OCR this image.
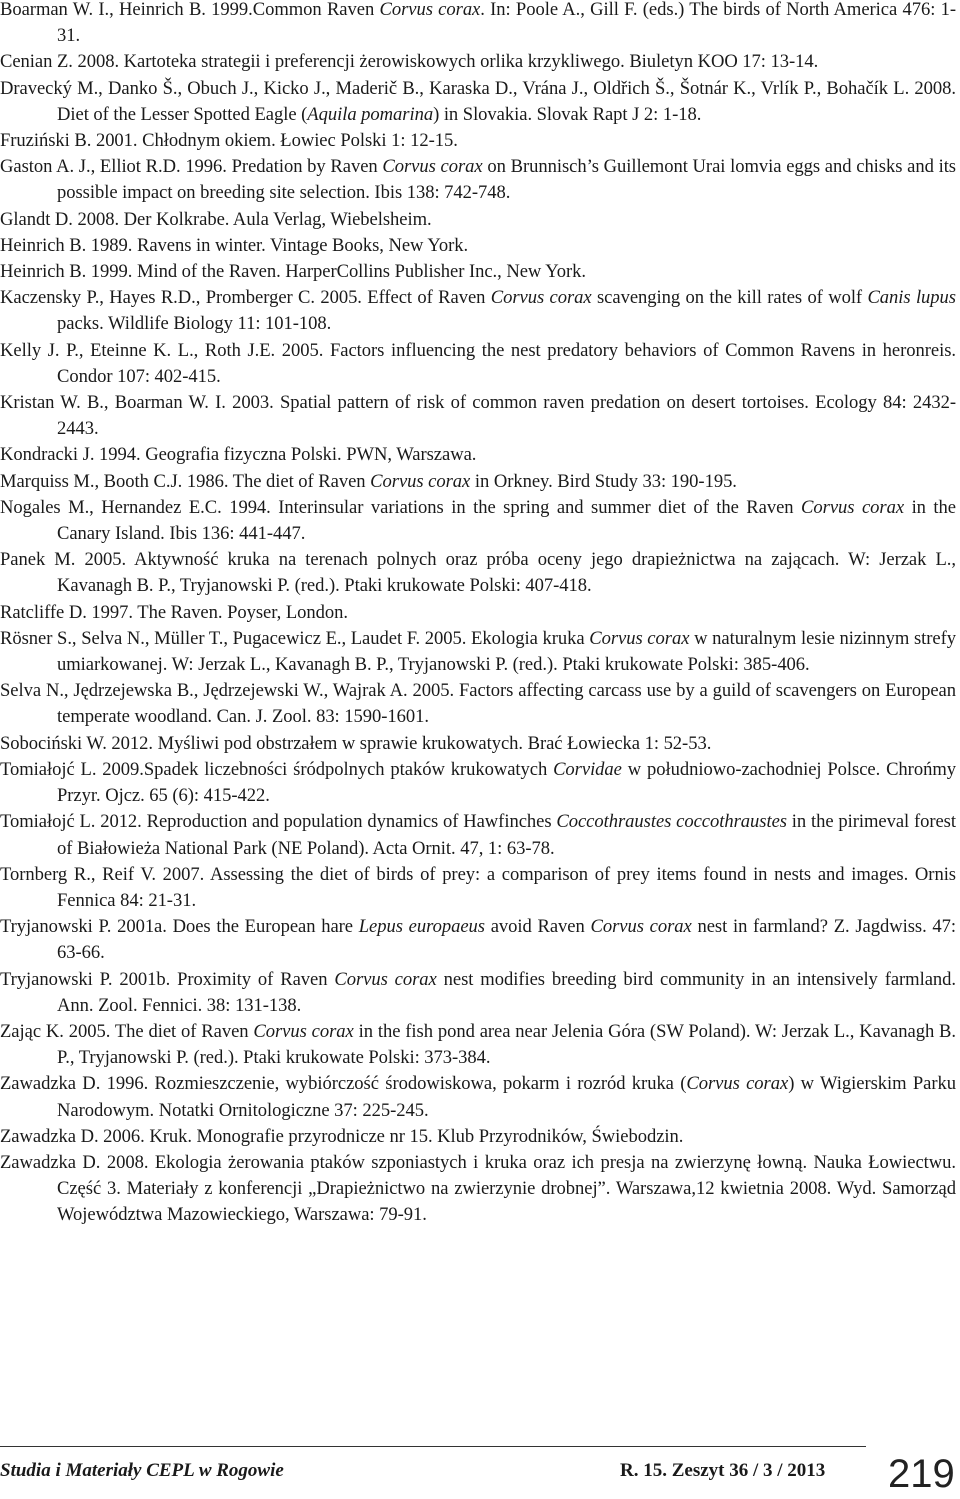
Boarman W. I., Heinrich B. 1999.Common Raven Corvus corax. In: Poole A., Gill F. (eds.) The birds of North America 476: 1-31.

Cenian Z. 2008. Kartoteka strategii i preferencji żerowiskowych orlika krzykliwego. Biuletyn KOO 17: 13-14.

Dravecký M., Danko Š., Obuch J., Kicko J., Maderič B., Karaska D., Vrána J., Oldřich Š., Šotnár K., Vrlík P., Bohačík L. 2008. Diet of the Lesser Spotted Eagle (Aquila pomarina) in Slovakia. Slovak Rapt J 2: 1-18.

Fruziński B. 2001. Chłodnym okiem. Łowiec Polski 1: 12-15.

Gaston A. J., Elliot R.D. 1996. Predation by Raven Corvus corax on Brunnisch’s Guillemont Urai lomvia eggs and chisks and its possible impact on breeding site selection. Ibis 138: 742-748.

Glandt D. 2008. Der Kolkrabe. Aula Verlag, Wiebelsheim.

Heinrich B. 1989. Ravens in winter. Vintage Books, New York.

Heinrich B. 1999. Mind of the Raven. HarperCollins Publisher Inc., New York.

Kaczensky P., Hayes R.D., Promberger C. 2005. Effect of Raven Corvus corax scavenging on the kill rates of wolf Canis lupus packs. Wildlife Biology 11: 101-108.

Kelly J. P., Eteinne K. L., Roth J.E. 2005. Factors influencing the nest predatory behaviors of Common Ravens in heronreis. Condor 107: 402-415.

Kristan W. B., Boarman W. I. 2003. Spatial pattern of risk of common raven predation on desert tortoises. Ecology 84: 2432-2443.

Kondracki J. 1994. Geografia fizyczna Polski. PWN, Warszawa.

Marquiss M., Booth C.J. 1986. The diet of Raven Corvus corax in Orkney. Bird Study 33: 190-195.

Nogales M., Hernandez E.C. 1994. Interinsular variations in the spring and summer diet of the Raven Corvus corax in the Canary Island. Ibis 136: 441-447.

Panek M. 2005. Aktywność kruka na terenach polnych oraz próba oceny jego drapieżnictwa na zającach. W: Jerzak L., Kavanagh B. P., Tryjanowski P. (red.). Ptaki krukowate Polski: 407-418.

Ratcliffe D. 1997. The Raven. Poyser, London.

Rösner S., Selva N., Müller T., Pugacewicz E., Laudet F. 2005. Ekologia kruka Corvus corax w naturalnym lesie nizinnym strefy umiarkowanej. W: Jerzak L., Kavanagh B. P., Tryjanowski P. (red.). Ptaki krukowate Polski: 385-406.

Selva N., Jędrzejewska B., Jędrzejewski W., Wajrak A. 2005. Factors affecting carcass use by a guild of scavengers on European temperate woodland. Can. J. Zool. 83: 1590-1601.

Sobociński W. 2012. Myśliwi pod obstrzałem w sprawie krukowatych. Brać Łowiecka 1: 52-53.

Tomiałojć L. 2009.Spadek liczebności śródpolnych ptaków krukowatych Corvidae w południowo-zachodniej Polsce. Chrońmy Przyr. Ojcz. 65 (6): 415-422.

Tomiałojć L. 2012. Reproduction and population dynamics of Hawfinches Coccothraustes coccothraustes in the pirimeval forest of Białowieża National Park (NE Poland). Acta Ornit. 47, 1: 63-78.

Tornberg R., Reif V. 2007. Assessing the diet of birds of prey: a comparison of prey items found in nests and images. Ornis Fennica 84: 21-31.

Tryjanowski P. 2001a. Does the European hare Lepus europaeus avoid Raven Corvus corax nest in farmland? Z. Jagdwiss. 47: 63-66.

Tryjanowski P. 2001b. Proximity of Raven Corvus corax nest modifies breeding bird community in an intensively farmland. Ann. Zool. Fennici. 38: 131-138.

Zając K. 2005. The diet of Raven Corvus corax in the fish pond area near Jelenia Góra (SW Poland). W: Jerzak L., Kavanagh B. P., Tryjanowski P. (red.). Ptaki krukowate Polski: 373-384.

Zawadzka D. 1996. Rozmieszczenie, wybiórczość środowiskowa, pokarm i rozród kruka (Corvus corax) w Wigierskim Parku Narodowym. Notatki Ornitologiczne 37: 225-245.

Zawadzka D. 2006. Kruk. Monografie przyrodnicze nr 15. Klub Przyrodników, Świebodzin.

Zawadzka D. 2008. Ekologia żerowania ptaków szponiastych i kruka oraz ich presja na zwierzynę łowną. Nauka Łowiectwu. Część 3. Materiały z konferencji „Drapieżnictwo na zwierzynie drobnej”. Warszawa,12 kwietnia 2008. Wyd. Samorząd Województwa Mazowieckiego, Warszawa: 79-91.

Studia i Materiały CEPL w Rogowie	R. 15. Zeszyt 36 / 3 / 2013 219
